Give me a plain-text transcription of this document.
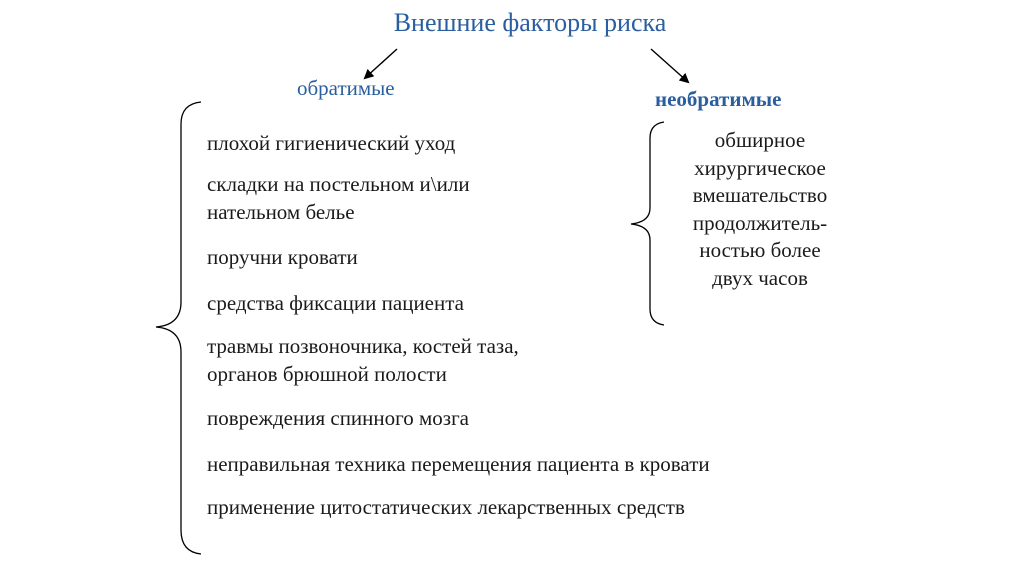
Внешние факторы риска
обратимые	необратимые
плохой гигиенический уход
складки на постельном и\или
нательном белье
поручни кровати
средства фиксации пациента
травмы позвоночника, костей таза,
органов брюшной полости
повреждения спинного мозга
неправильная техника перемещения пациента в кровати
применение цитостатических лекарственных средств
обширное
хирургическое
вмешательство
продолжитель-
ностью более
двух часов
